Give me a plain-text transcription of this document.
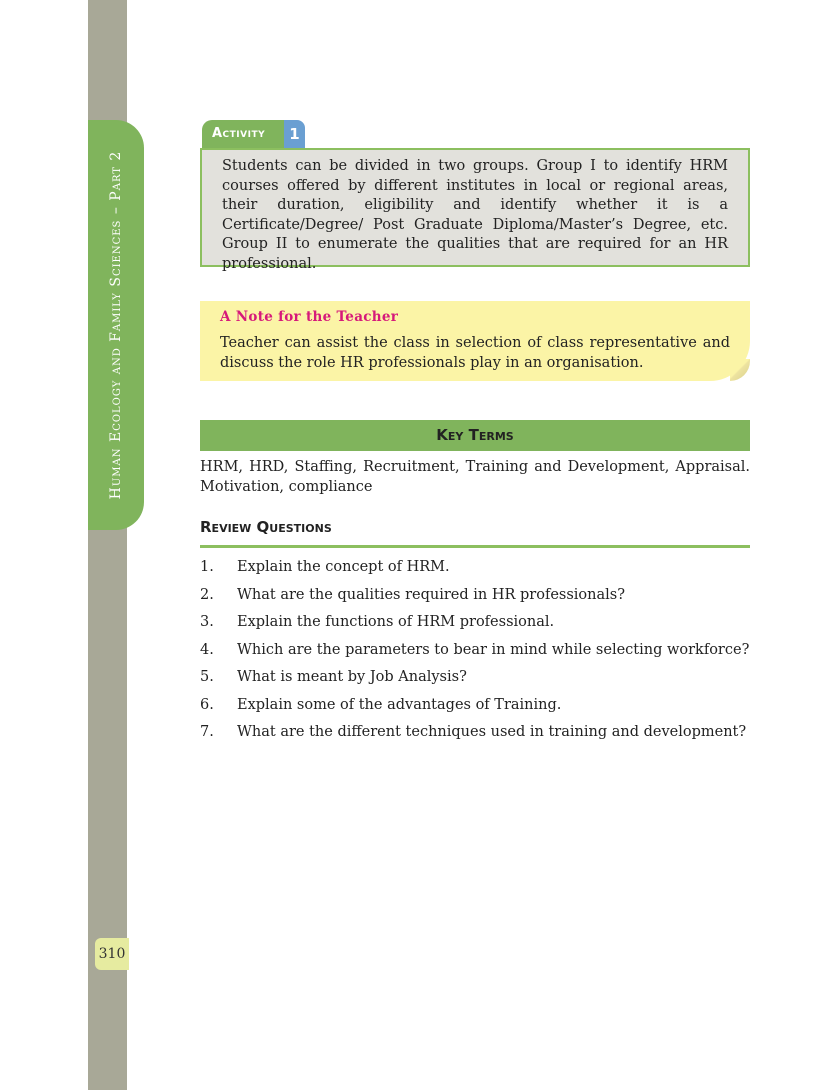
Human Ecology and Family Sciences – Part 2
310
Activity	1
Students can be divided in two groups. Group I to identify HRM courses offered by different institutes in local or regional areas, their duration, eligibility and identify whether it is a Certificate/Degree/ Post Graduate Diploma/Master’s Degree, etc. Group II to enumerate the qualities that are required for an HR professional.
A Note for the Teacher
Teacher can assist the class in selection of class representative and discuss the role HR professionals play in an organisation.
Key Terms
HRM, HRD, Staffing, Recruitment, Training and Development, Appraisal. Motivation, compliance
Review Questions
1. Explain the concept of HRM.
2. What are the qualities required in HR professionals?
3. Explain the functions of HRM professional.
4. Which are the parameters to bear in mind while selecting workforce?
5. What is meant by Job Analysis?
6. Explain some of the advantages of Training.
7. What are the different techniques used in training and development?
